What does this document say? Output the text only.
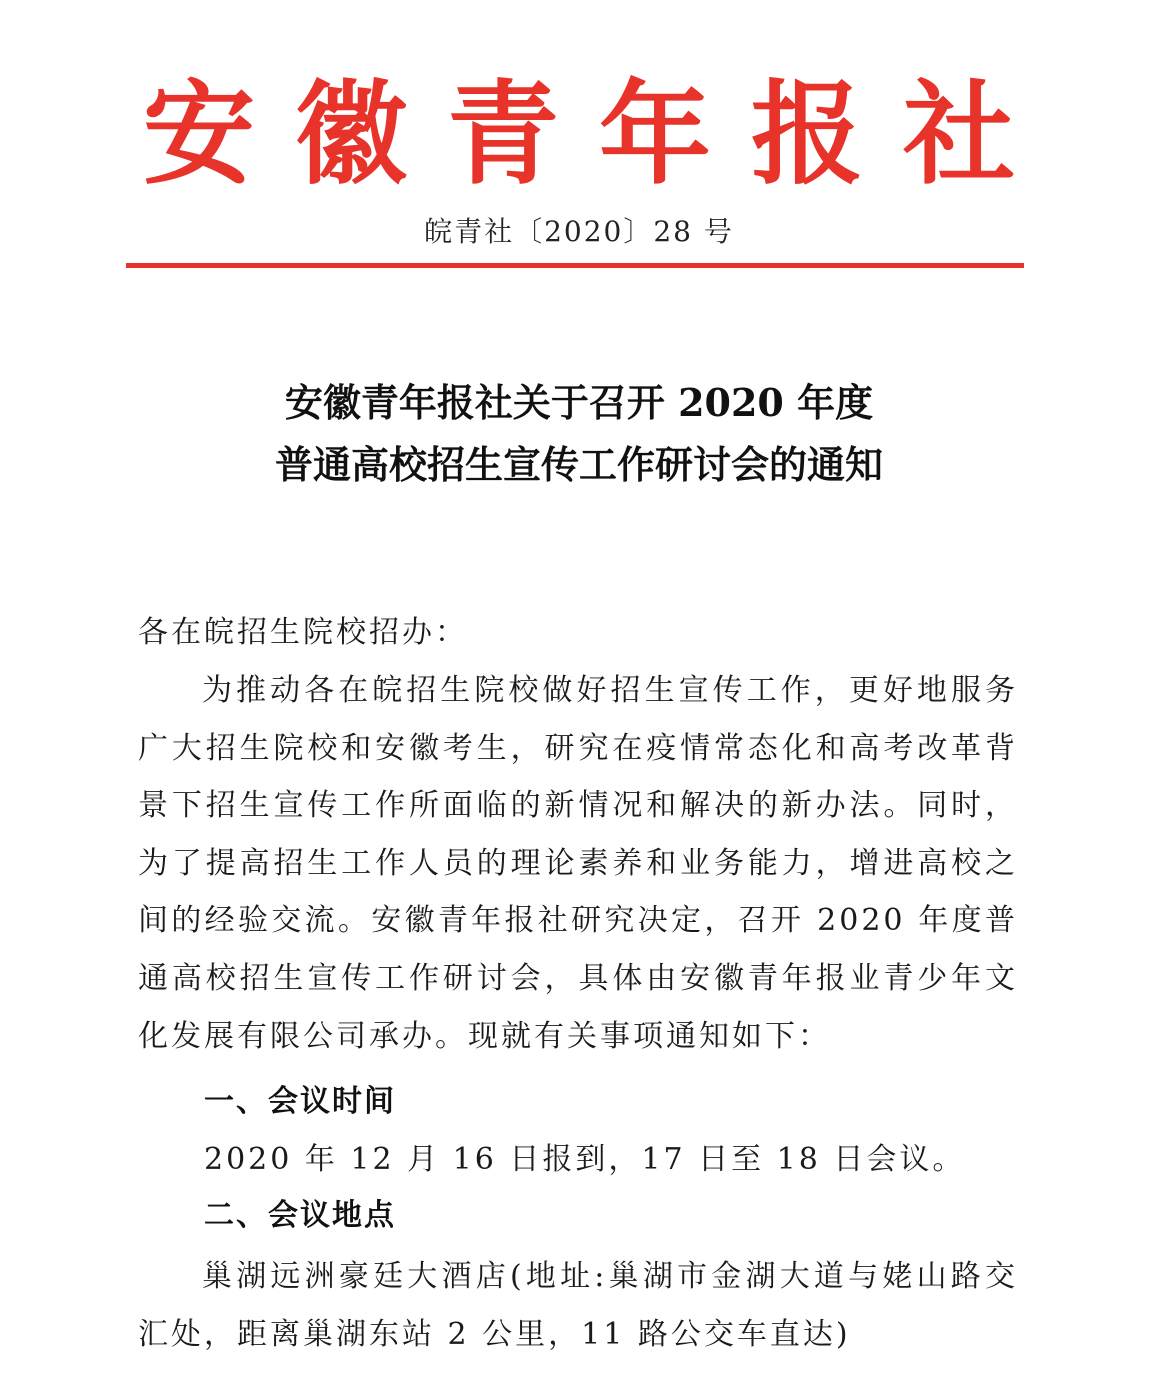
安 徽 青 年 报 社
皖青社〔2020〕28 号
安徽青年报社关于召开 2020 年度
普通高校招生宣传工作研讨会的通知
各在皖招生院校招办：
为推动各在皖招生院校做好招生宣传工作，更好地服务广大招生院校和安徽考生，研究在疫情常态化和高考改革背景下招生宣传工作所面临的新情况和解决的新办法。同时，为了提高招生工作人员的理论素养和业务能力，增进高校之间的经验交流。安徽青年报社研究决定，召开 2020 年度普通高校招生宣传工作研讨会，具体由安徽青年报业青少年文化发展有限公司承办。现就有关事项通知如下：
一、会议时间
2020 年 12 月 16 日报到，17 日至 18 日会议。
二、会议地点
巢湖远洲豪廷大酒店(地址:巢湖市金湖大道与姥山路交汇处，距离巢湖东站 2 公里，11 路公交车直达)
